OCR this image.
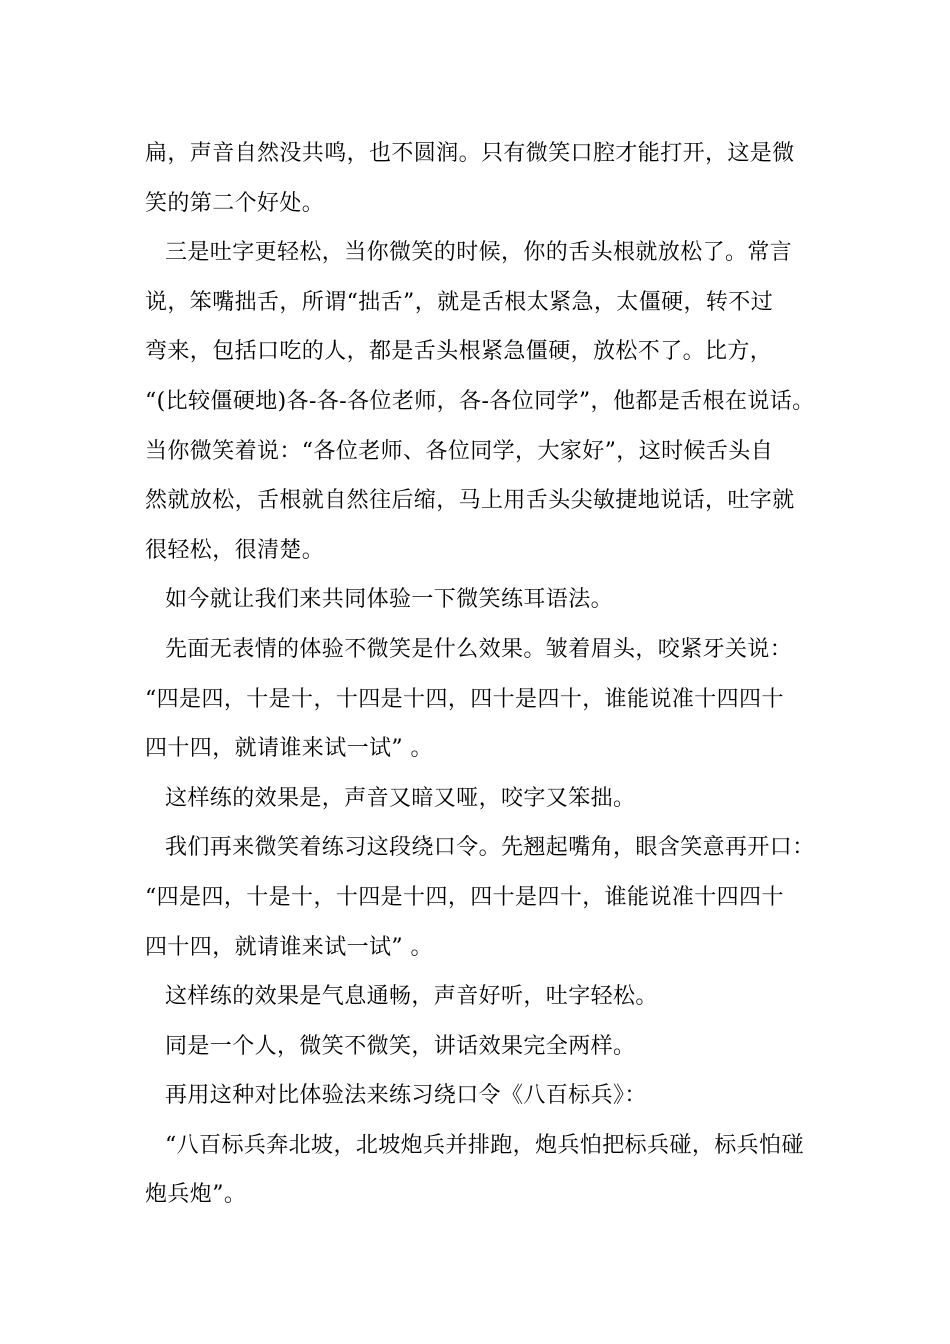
扁，声音自然没共鸣，也不圆润。只有微笑口腔才能打开，这是微
笑的第二个好处。
三是吐字更轻松，当你微笑的时候，你的舌头根就放松了。常言
说，笨嘴拙舌，所谓“拙舌”，就是舌根太紧急，太僵硬，转不过
弯来，包括口吃的人，都是舌头根紧急僵硬，放松不了。比方，
“(比较僵硬地)各-各-各位老师，各-各位同学”，他都是舌根在说话。
当你微笑着说：“各位老师、各位同学，大家好”，这时候舌头自
然就放松，舌根就自然往后缩，马上用舌头尖敏捷地说话，吐字就
很轻松，很清楚。
如今就让我们来共同体验一下微笑练耳语法。
先面无表情的体验不微笑是什么效果。皱着眉头，咬紧牙关说：
“四是四，十是十，十四是十四，四十是四十，谁能说准十四四十
四十四，就请谁来试一试” 。
这样练的效果是，声音又暗又哑，咬字又笨拙。
我们再来微笑着练习这段绕口令。先翘起嘴角，眼含笑意再开口：
“四是四，十是十，十四是十四，四十是四十，谁能说准十四四十
四十四，就请谁来试一试” 。
这样练的效果是气息通畅，声音好听，吐字轻松。
同是一个人，微笑不微笑，讲话效果完全两样。
再用这种对比体验法来练习绕口令《八百标兵》：
“八百标兵奔北坡，北坡炮兵并排跑，炮兵怕把标兵碰，标兵怕碰
炮兵炮”。
